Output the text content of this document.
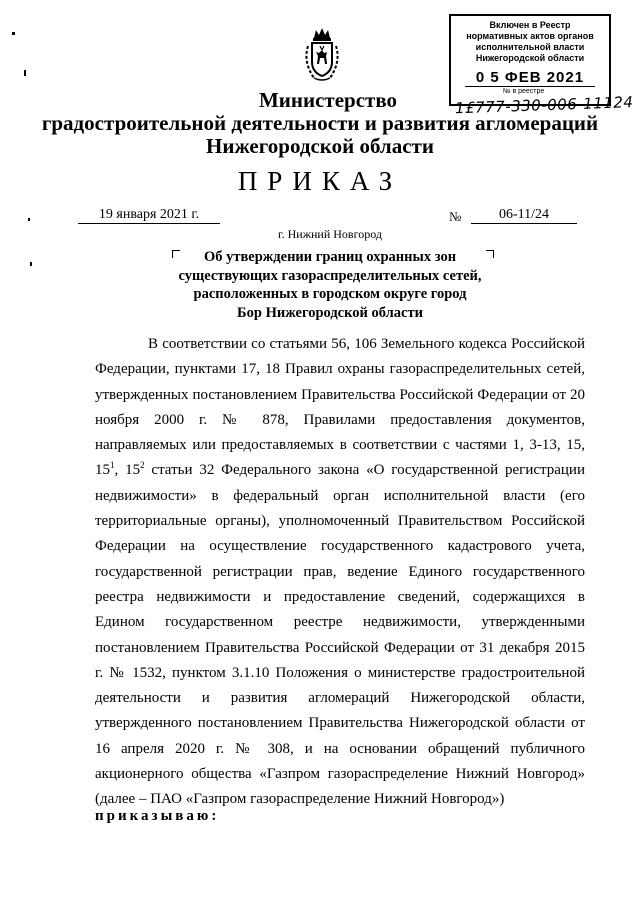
Включен в Реестр
нормативных актов органов
исполнительной власти
Нижегородской области
0 5 ФЕВ 2021
№ в реестре
1£777-330-006-11124
Министерство
градостроительной деятельности и развития агломераций
Нижегородской области
ПРИКАЗ
19 января 2021 г.	№	06-11/24
г. Нижний Новгород
Об утверждении границ охранных зон
существующих газораспределительных сетей,
расположенных в городском округе город
Бор Нижегородской области
В соответствии со статьями 56, 106 Земельного кодекса Российской Федерации, пунктами 17, 18 Правил охраны газораспределительных сетей, утвержденных постановлением Правительства Российской Федерации от 20 ноября 2000 г. № 878, Правилами предоставления документов, направляемых или предоставляемых в соответствии с частями 1, 3-13, 15, $15^1$, $15^2$ статьи 32 Федерального закона «О государственной регистрации недвижимости» в федеральный орган исполнительной власти (его территориальные органы), уполномоченный Правительством Российской Федерации на осуществление государственного кадастрового учета, государственной регистрации прав, ведение Единого государственного реестра недвижимости и предоставление сведений, содержащихся в Едином государственном реестре недвижимости, утвержденными постановлением Правительства Российской Федерации от 31 декабря 2015 г. № 1532, пунктом 3.1.10 Положения о министерстве градостроительной деятельности и развития агломераций Нижегородской области, утвержденного постановлением Правительства Нижегородской области от 16 апреля 2020 г. № 308, и на основании обращений публичного акционерного общества «Газпром газораспределение Нижний Новгород» (далее – ПАО «Газпром газораспределение Нижний Новгород»)
приказываю:
